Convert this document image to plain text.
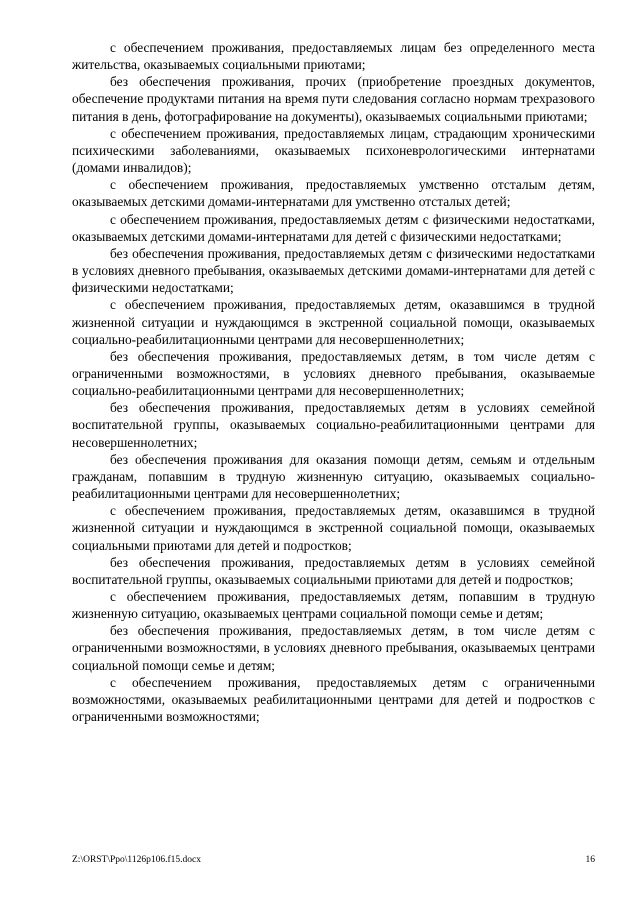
с обеспечением проживания, предоставляемых лицам без определенного места жительства, оказываемых социальными приютами;

без обеспечения проживания, прочих (приобретение проездных документов, обеспечение продуктами питания на время пути следования согласно нормам трехразового питания в день, фотографирование на документы), оказываемых социальными приютами;

с обеспечением проживания, предоставляемых лицам, страдающим хроническими психическими заболеваниями, оказываемых психоневрологическими интернатами (домами инвалидов);

с обеспечением проживания, предоставляемых умственно отсталым детям, оказываемых детскими домами-интернатами для умственно отсталых детей;

с обеспечением проживания, предоставляемых детям с физическими недостатками, оказываемых детскими домами-интернатами для детей с физическими недостатками;

без обеспечения проживания, предоставляемых детям с физическими недостатками в условиях дневного пребывания, оказываемых детскими домами-интернатами для детей с физическими недостатками;

с обеспечением проживания, предоставляемых детям, оказавшимся в трудной жизненной ситуации и нуждающимся в экстренной социальной помощи, оказываемых социально-реабилитационными центрами для несовершеннолетних;

без обеспечения проживания, предоставляемых детям, в том числе детям с ограниченными возможностями, в условиях дневного пребывания, оказываемые социально-реабилитационными центрами для несовершеннолетних;

без обеспечения проживания, предоставляемых детям в условиях семейной воспитательной группы, оказываемых социально-реабилитационными центрами для несовершеннолетних;

без обеспечения проживания для оказания помощи детям, семьям и отдельным гражданам, попавшим в трудную жизненную ситуацию, оказываемых социально-реабилитационными центрами для несовершеннолетних;

с обеспечением проживания, предоставляемых детям, оказавшимся в трудной жизненной ситуации и нуждающимся в экстренной социальной помощи, оказываемых социальными приютами для детей и подростков;

без обеспечения проживания, предоставляемых детям в условиях семейной воспитательной группы, оказываемых социальными приютами для детей и подростков;

с обеспечением проживания, предоставляемых детям, попавшим в трудную жизненную ситуацию, оказываемых центрами социальной помощи семье и детям;

без обеспечения проживания, предоставляемых детям, в том числе детям с ограниченными возможностями, в условиях дневного пребывания, оказываемых центрами социальной помощи семье и детям;

с обеспечением проживания, предоставляемых детям с ограниченными возможностями, оказываемых реабилитационными центрами для детей и подростков с ограниченными возможностями;

Z:\ORST\Ppo\1126p106.f15.docx	16
